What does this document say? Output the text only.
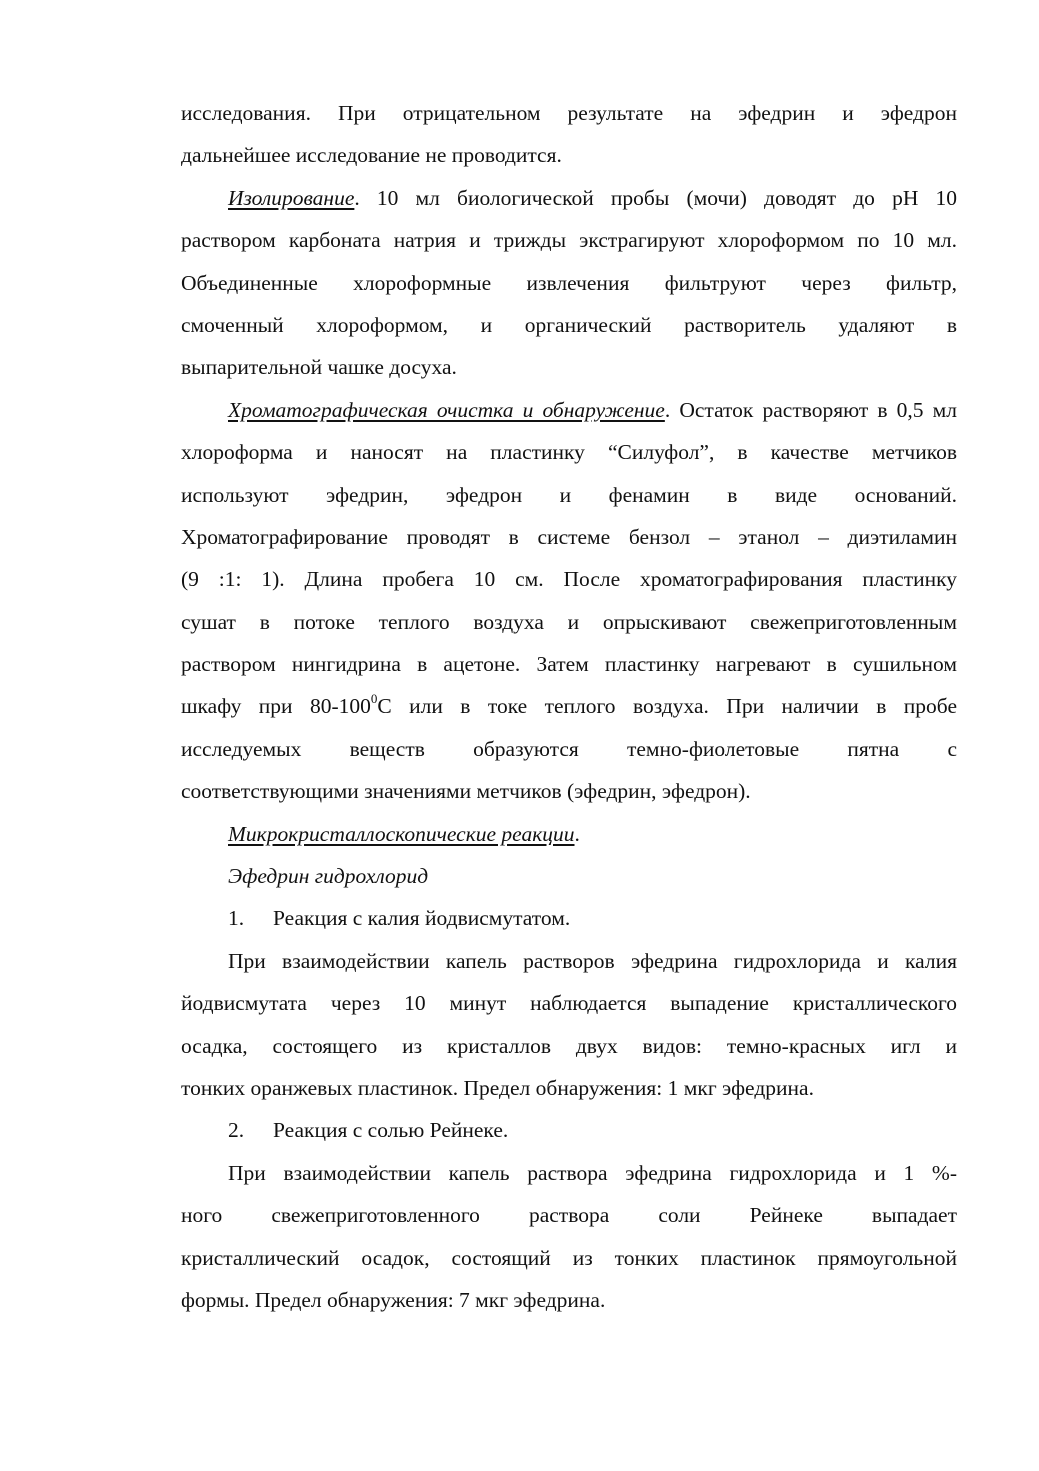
исследования. При отрицательном результате на эфедрин и эфедрон
дальнейшее исследование не проводится.
Изолирование. 10 мл биологической пробы (мочи) доводят до pH 10
раствором карбоната натрия и трижды экстрагируют хлороформом по 10 мл.
Объединенные хлороформные извлечения фильтруют через фильтр,
смоченный хлороформом, и органический растворитель удаляют в
выпарительной чашке досуха.
Хроматографическая очистка и обнаружение. Остаток растворяют в 0,5 мл
хлороформа и наносят на пластинку “Силуфол”, в качестве метчиков
используют эфедрин, эфедрон и фенамин в виде оснований.
Хроматографирование проводят в системе бензол – этанол – диэтиламин
(9 :1: 1). Длина пробега 10 см. После хроматографирования пластинку
сушат в потоке теплого воздуха и опрыскивают свежеприготовленным
раствором нингидрина в ацетоне. Затем пластинку нагревают в сушильном
шкафу при $80-100^0С$ или в токе теплого воздуха. При наличии в пробе
исследуемых веществ образуются темно-фиолетовые пятна с
соответствующими значениями метчиков (эфедрин, эфедрон).
Микрокристаллоскопические реакции.
Эфедрин гидрохлорид
1. Реакция с калия йодвисмутатом.
При взаимодействии капель растворов эфедрина гидрохлорида и калия
йодвисмутата через 10 минут наблюдается выпадение кристаллического
осадка, состоящего из кристаллов двух видов: темно-красных игл и
тонких оранжевых пластинок. Предел обнаружения: 1 мкг эфедрина.
2. Реакция с солью Рейнеке.
При взаимодействии капель раствора эфедрина гидрохлорида и 1 %-
ного свежеприготовленного раствора соли Рейнеке выпадает
кристаллический осадок, состоящий из тонких пластинок прямоугольной
формы. Предел обнаружения: 7 мкг эфедрина.
